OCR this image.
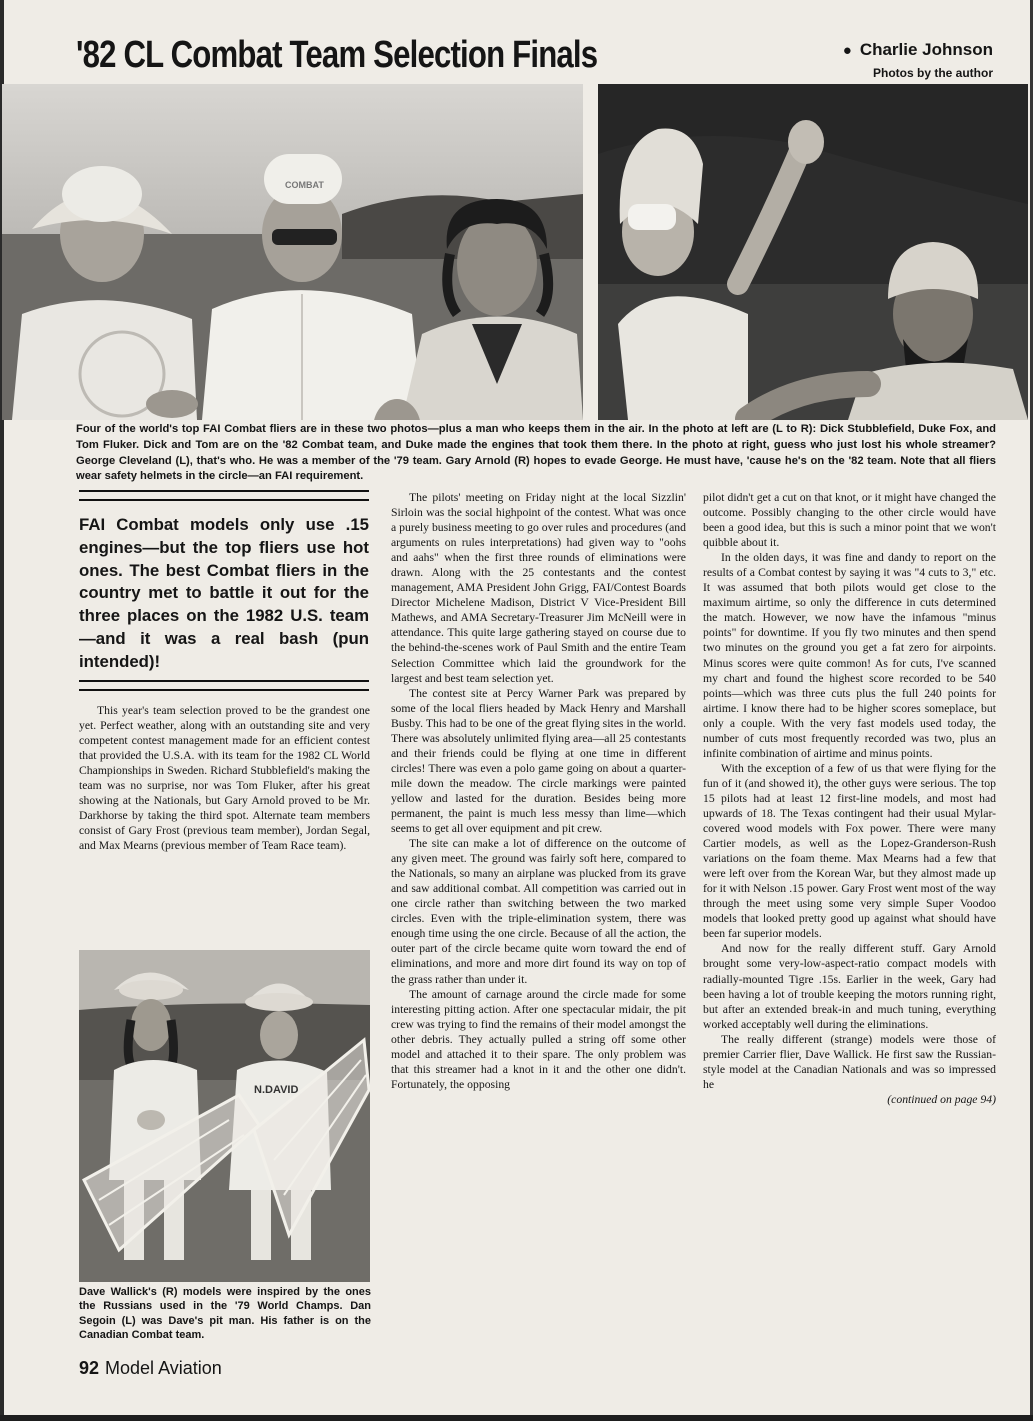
'82 CL Combat Team Selection Finals	● Charlie Johnson
Photos by the author
COMBAT
Four of the world's top FAI Combat fliers are in these two photos—plus a man who keeps them in the air. In the photo at left are (L to R): Dick Stubblefield, Duke Fox, and Tom Fluker. Dick and Tom are on the '82 Combat team, and Duke made the engines that took them there. In the photo at right, guess who just lost his whole streamer? George Cleveland (L), that's who. He was a member of the '79 team. Gary Arnold (R) hopes to evade George. He must have, 'cause he's on the '82 team. Note that all fliers wear safety helmets in the circle—an FAI requirement.
FAI Combat models only use .15 engines—but the top fliers use hot ones. The best Combat fliers in the country met to battle it out for the three places on the 1982 U.S. team—and it was a real bash (pun intended)!

This year's team selection proved to be the grandest one yet. Perfect weather, along with an outstanding site and very competent contest management made for an efficient contest that provided the U.S.A. with its team for the 1982 CL World Championships in Sweden. Richard Stubblefield's making the team was no surprise, nor was Tom Fluker, after his great showing at the Nationals, but Gary Arnold proved to be Mr. Darkhorse by taking the third spot. Alternate team members consist of Gary Frost (previous team member), Jordan Segal, and Max Mearns (previous member of Team Race team).

N.DAVID
Dave Wallick's (R) models were inspired by the ones the Russians used in the '79 World Champs. Dan Segoin (L) was Dave's pit man. His father is on the Canadian Combat team.

The pilots' meeting on Friday night at the local Sizzlin' Sirloin was the social highpoint of the contest. What was once a purely business meeting to go over rules and procedures (and arguments on rules interpretations) had given way to "oohs and aahs" when the first three rounds of eliminations were drawn. Along with the 25 contestants and the contest management, AMA President John Grigg, FAI/Contest Boards Director Michelene Madison, District V Vice-President Bill Mathews, and AMA Secretary-Treasurer Jim McNeill were in attendance. This quite large gathering stayed on course due to the behind-the-scenes work of Paul Smith and the entire Team Selection Committee which laid the groundwork for the largest and best team selection yet.

The contest site at Percy Warner Park was prepared by some of the local fliers headed by Mack Henry and Marshall Busby. This had to be one of the great flying sites in the world. There was absolutely unlimited flying area—all 25 contestants and their friends could be flying at one time in different circles! There was even a polo game going on about a quarter-mile down the meadow. The circle markings were painted yellow and lasted for the duration. Besides being more permanent, the paint is much less messy than lime—which seems to get all over equipment and pit crew.

The site can make a lot of difference on the outcome of any given meet. The ground was fairly soft here, compared to the Nationals, so many an airplane was plucked from its grave and saw additional combat. All competition was carried out in one circle rather than switching between the two marked circles. Even with the triple-elimination system, there was enough time using the one circle. Because of all the action, the outer part of the circle became quite worn toward the end of eliminations, and more and more dirt found its way on top of the grass rather than under it.

The amount of carnage around the circle made for some interesting pitting action. After one spectacular midair, the pit crew was trying to find the remains of their model amongst the other debris. They actually pulled a string off some other model and attached it to their spare. The only problem was that this streamer had a knot in it and the other one didn't. Fortunately, the opposing

pilot didn't get a cut on that knot, or it might have changed the outcome. Possibly changing to the other circle would have been a good idea, but this is such a minor point that we won't quibble about it.

In the olden days, it was fine and dandy to report on the results of a Combat contest by saying it was "4 cuts to 3," etc. It was assumed that both pilots would get close to the maximum airtime, so only the difference in cuts determined the match. However, we now have the infamous "minus points" for downtime. If you fly two minutes and then spend two minutes on the ground you get a fat zero for airpoints. Minus scores were quite common! As for cuts, I've scanned my chart and found the highest score recorded to be 540 points—which was three cuts plus the full 240 points for airtime. I know there had to be higher scores someplace, but only a couple. With the very fast models used today, the number of cuts most frequently recorded was two, plus an infinite combination of airtime and minus points.

With the exception of a few of us that were flying for the fun of it (and showed it), the other guys were serious. The top 15 pilots had at least 12 first-line models, and most had upwards of 18. The Texas contingent had their usual Mylar-covered wood models with Fox power. There were many Cartier models, as well as the Lopez-Granderson-Rush variations on the foam theme. Max Mearns had a few that were left over from the Korean War, but they almost made up for it with Nelson .15 power. Gary Frost went most of the way through the meet using some very simple Super Voodoo models that looked pretty good up against what should have been far superior models.

And now for the really different stuff. Gary Arnold brought some very-low-aspect-ratio compact models with radially-mounted Tigre .15s. Earlier in the week, Gary had been having a lot of trouble keeping the motors running right, but after an extended break-in and much tuning, everything worked acceptably well during the eliminations.

The really different (strange) models were those of premier Carrier flier, Dave Wallick. He first saw the Russian-style model at the Canadian Nationals and was so impressed he

(continued on page 94)

92 Model Aviation
